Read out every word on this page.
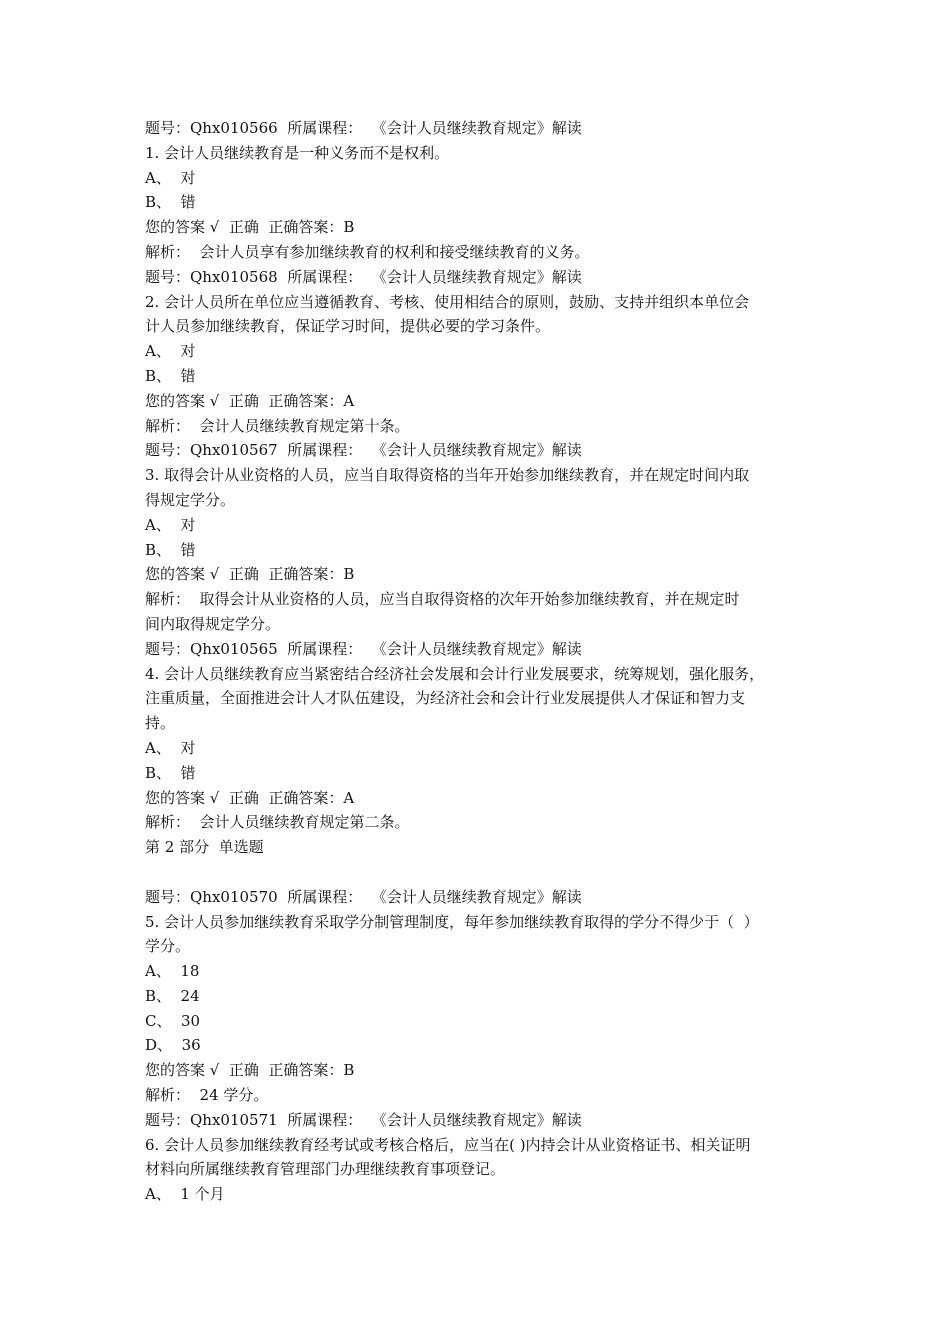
题号：Qhx010566  所属课程：  《会计人员继续教育规定》解读
1. 会计人员继续教育是一种义务而不是权利。
A、  对
B、  错
您的答案 √  正确  正确答案：B
解析：  会计人员享有参加继续教育的权利和接受继续教育的义务。
题号：Qhx010568  所属课程：  《会计人员继续教育规定》解读
2. 会计人员所在单位应当遵循教育、考核、使用相结合的原则，鼓励、支持并组织本单位会
计人员参加继续教育，保证学习时间，提供必要的学习条件。
A、  对
B、  错
您的答案 √  正确  正确答案：A
解析：  会计人员继续教育规定第十条。
题号：Qhx010567  所属课程：  《会计人员继续教育规定》解读
3. 取得会计从业资格的人员，应当自取得资格的当年开始参加继续教育，并在规定时间内取
得规定学分。
A、  对
B、  错
您的答案 √  正确  正确答案：B
解析：  取得会计从业资格的人员，应当自取得资格的次年开始参加继续教育，并在规定时
间内取得规定学分。
题号：Qhx010565  所属课程：  《会计人员继续教育规定》解读
4. 会计人员继续教育应当紧密结合经济社会发展和会计行业发展要求，统筹规划，强化服务，
注重质量，全面推进会计人才队伍建设，为经济社会和会计行业发展提供人才保证和智力支
持。
A、  对
B、  错
您的答案 √  正确  正确答案：A
解析：  会计人员继续教育规定第二条。
第 2 部分  单选题
题号：Qhx010570  所属课程：  《会计人员继续教育规定》解读
5. 会计人员参加继续教育采取学分制管理制度，每年参加继续教育取得的学分不得少于（  ）
学分。
A、  18
B、  24
C、  30
D、  36
您的答案 √  正确  正确答案：B
解析：  24 学分。
题号：Qhx010571  所属课程：  《会计人员继续教育规定》解读
6. 会计人员参加继续教育经考试或考核合格后，应当在( )内持会计从业资格证书、相关证明
材料向所属继续教育管理部门办理继续教育事项登记。
A、  1 个月
